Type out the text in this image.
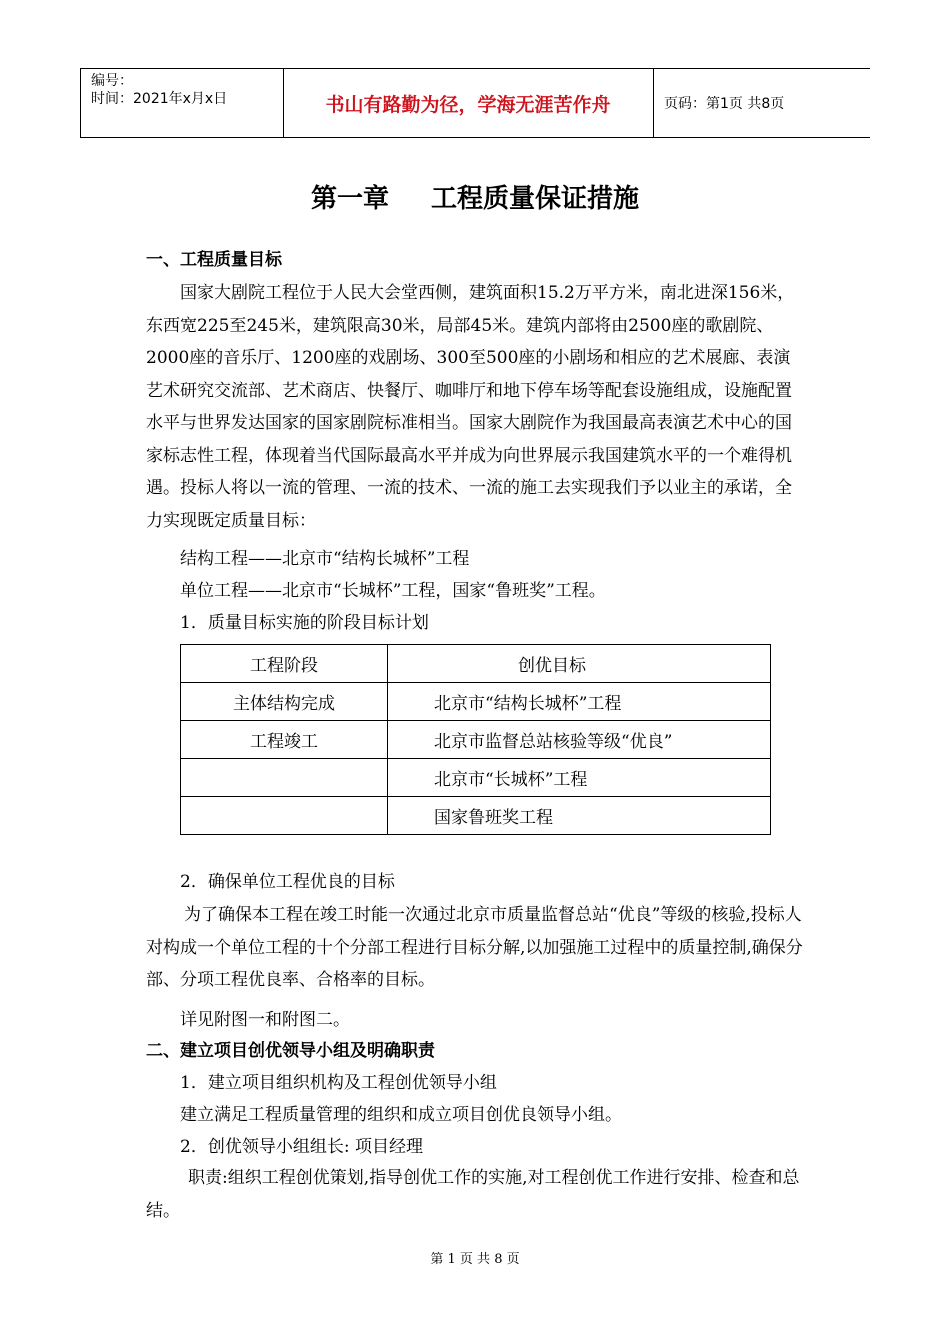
编号：
时间：2021年x月x日	书山有路勤为径，学海无涯苦作舟	页码：第1页 共8页
第一章 工程质量保证措施
一、工程质量目标
国家大剧院工程位于人民大会堂西侧，建筑面积15.2万平方米，南北进深156米，东西宽225至245米，建筑限高30米，局部45米。建筑内部将由2500座的歌剧院、2000座的音乐厅、1200座的戏剧场、300至500座的小剧场和相应的艺术展廊、表演艺术研究交流部、艺术商店、快餐厅、咖啡厅和地下停车场等配套设施组成，设施配置水平与世界发达国家的国家剧院标准相当。国家大剧院作为我国最高表演艺术中心的国家标志性工程，体现着当代国际最高水平并成为向世界展示我国建筑水平的一个难得机遇。投标人将以一流的管理、一流的技术、一流的施工去实现我们予以业主的承诺，全力实现既定质量目标：
结构工程——北京市“结构长城杯”工程
单位工程——北京市“长城杯”工程，国家“鲁班奖”工程。
1．质量目标实施的阶段目标计划
工程阶段	创优目标
主体结构完成	北京市“结构长城杯”工程
工程竣工	北京市监督总站核验等级“优良”
	北京市“长城杯”工程
	国家鲁班奖工程
2．确保单位工程优良的目标
为了确保本工程在竣工时能一次通过北京市质量监督总站“优良”等级的核验,投标人对构成一个单位工程的十个分部工程进行目标分解,以加强施工过程中的质量控制,确保分部、分项工程优良率、合格率的目标。
详见附图一和附图二。
二、建立项目创优领导小组及明确职责
1．建立项目组织机构及工程创优领导小组
建立满足工程质量管理的组织和成立项目创优良领导小组。
2．创优领导小组组长: 项目经理
职责:组织工程创优策划,指导创优工作的实施,对工程创优工作进行安排、检查和总结。
第 1 页 共 8 页
